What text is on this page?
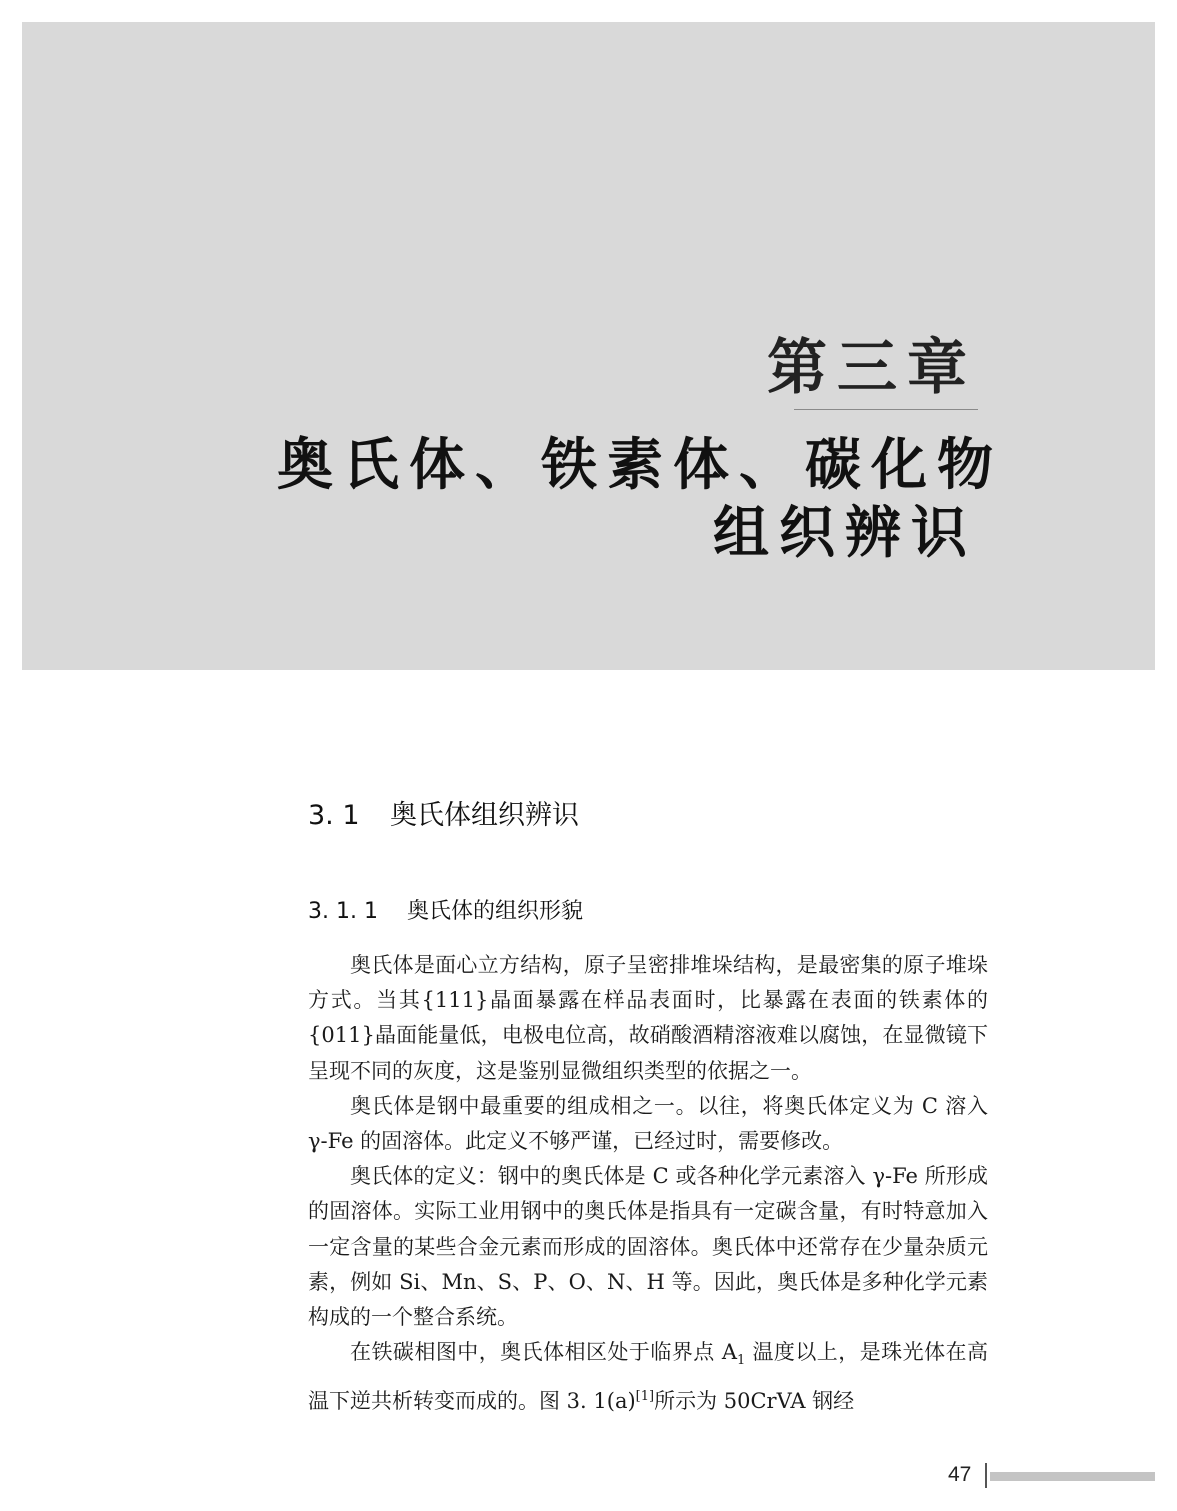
第三章
奥氏体、铁素体、碳化物
组织辨识
3. 1 奥氏体组织辨识
3. 1. 1 奥氏体的组织形貌

奥氏体是面心立方结构，原子呈密排堆垛结构，是最密集的原子堆垛方式。当其{111}晶面暴露在样品表面时，比暴露在表面的铁素体的{011}晶面能量低，电极电位高，故硝酸酒精溶液难以腐蚀，在显微镜下呈现不同的灰度，这是鉴别显微组织类型的依据之一。

奥氏体是钢中最重要的组成相之一。以往，将奥氏体定义为 C 溶入 γ-Fe 的固溶体。此定义不够严谨，已经过时，需要修改。

奥氏体的定义：钢中的奥氏体是 C 或各种化学元素溶入 γ-Fe 所形成的固溶体。实际工业用钢中的奥氏体是指具有一定碳含量，有时特意加入一定含量的某些合金元素而形成的固溶体。奥氏体中还常存在少量杂质元素，例如 Si、Mn、S、P、O、N、H 等。因此，奥氏体是多种化学元素构成的一个整合系统。

在铁碳相图中，奥氏体相区处于临界点 $A_1$ 温度以上，是珠光体在高温下逆共析转变而成的。图 3. 1(a)[1]所示为 50CrVA 钢经

47
